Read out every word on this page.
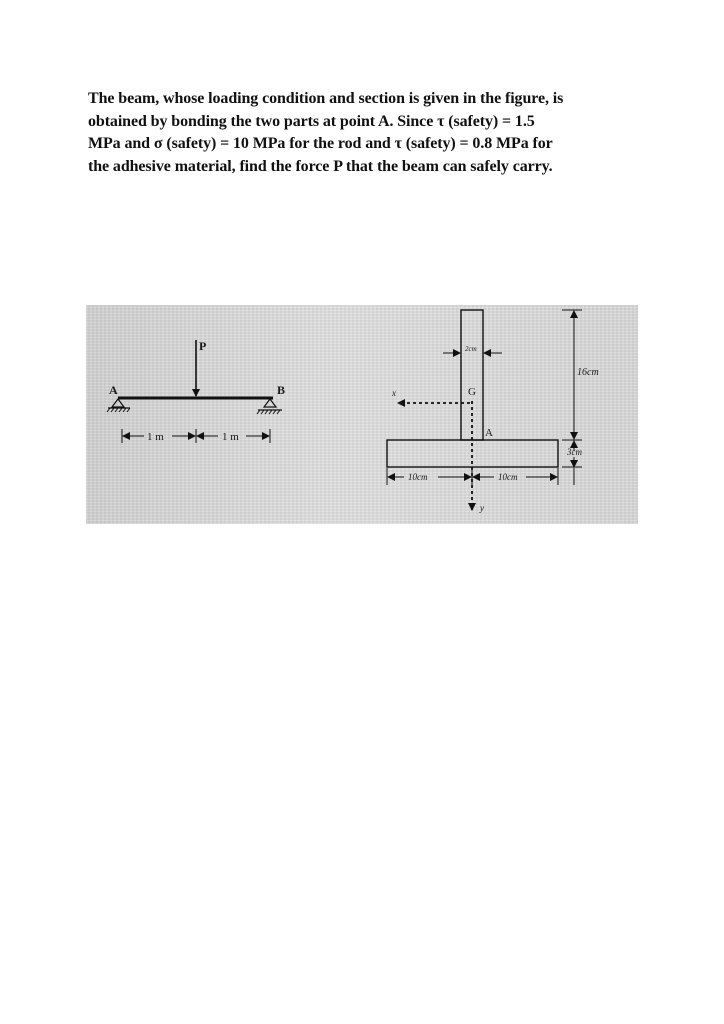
The beam, whose loading condition and section is given in the figure, is
obtained by bonding the two parts at point A. Since τ (safety) = 1.5
MPa and σ (safety) = 10 MPa for the rod and τ (safety) = 0.8 MPa for
the adhesive material, find the force P that the beam can safely carry.
P
A	B
1 m	1 m
2cm
16cm
3cm
10cm	10cm
G
A
x
y
